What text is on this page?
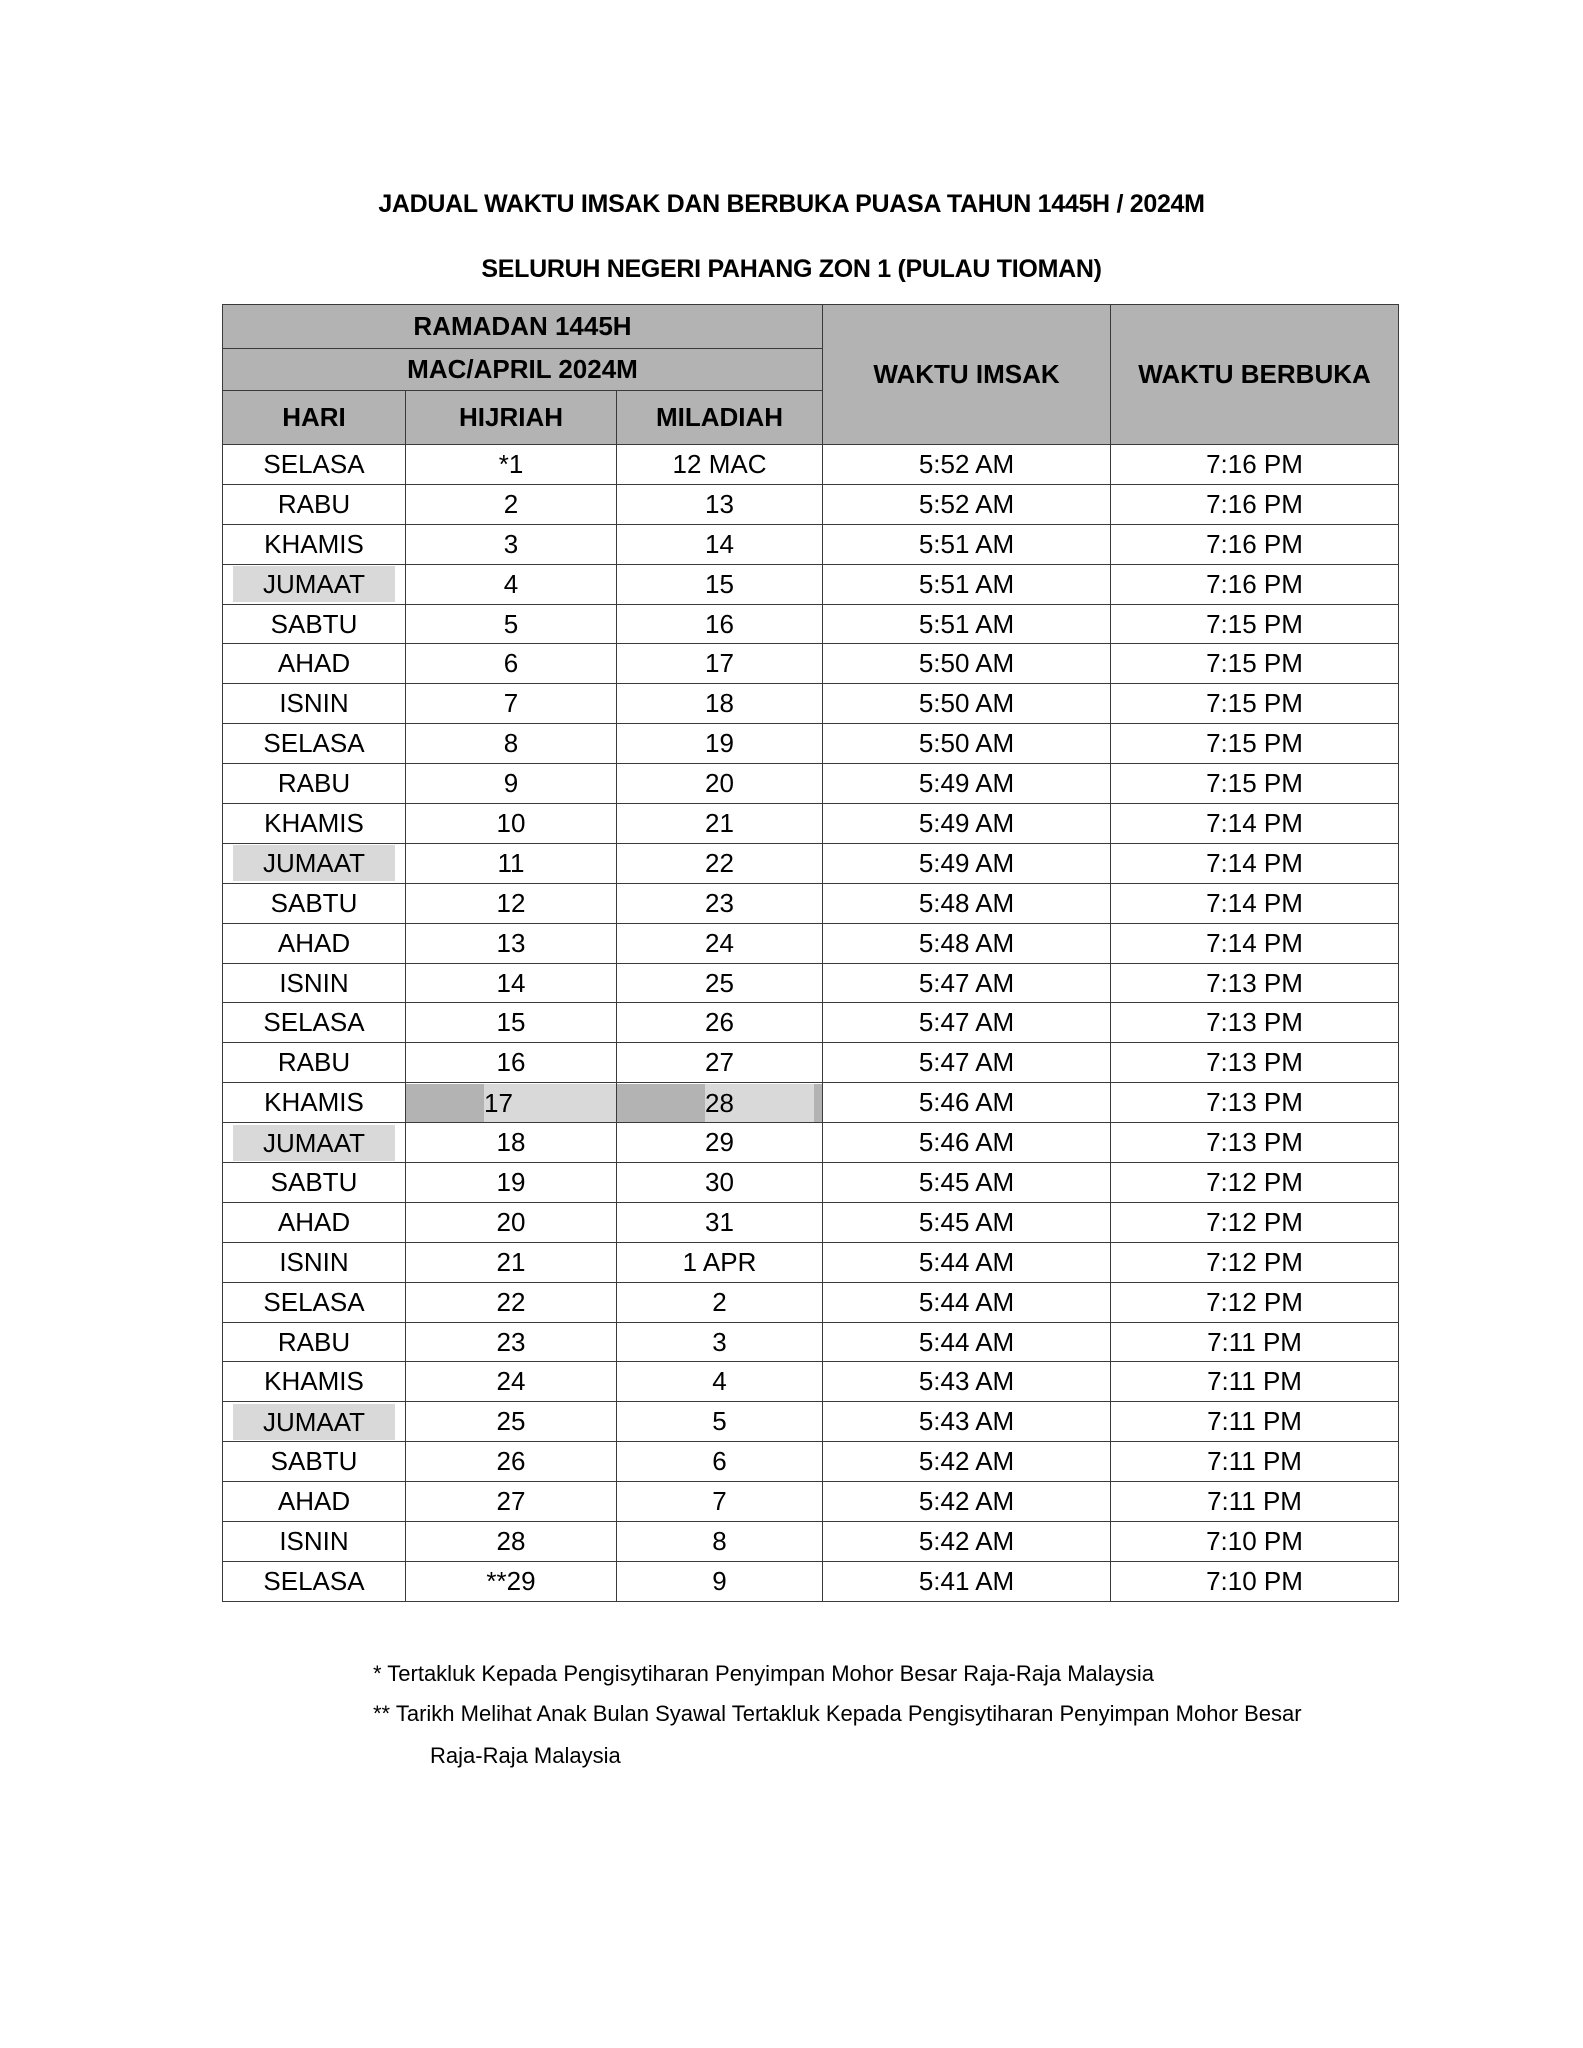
JADUAL WAKTU IMSAK DAN BERBUKA PUASA TAHUN 1445H / 2024M
SELURUH NEGERI PAHANG ZON 1 (PULAU TIOMAN)
RAMADAN 1445H			WAKTU IMSAK	WAKTU BERBUKA
MAC/APRIL 2024M				
HARI	HIJRIAH	MILADIAH		
SELASA	*1	12 MAC	5:52 AM	7:16 PM
RABU	2	13	5:52 AM	7:16 PM
KHAMIS	3	14	5:51 AM	7:16 PM
JUMAAT	4	15	5:51 AM	7:16 PM
SABTU	5	16	5:51 AM	7:15 PM
AHAD	6	17	5:50 AM	7:15 PM
ISNIN	7	18	5:50 AM	7:15 PM
SELASA	8	19	5:50 AM	7:15 PM
RABU	9	20	5:49 AM	7:15 PM
KHAMIS	10	21	5:49 AM	7:14 PM
JUMAAT	11	22	5:49 AM	7:14 PM
SABTU	12	23	5:48 AM	7:14 PM
AHAD	13	24	5:48 AM	7:14 PM
ISNIN	14	25	5:47 AM	7:13 PM
SELASA	15	26	5:47 AM	7:13 PM
RABU	16	27	5:47 AM	7:13 PM
KHAMIS	17	28	5:46 AM	7:13 PM
JUMAAT	18	29	5:46 AM	7:13 PM
SABTU	19	30	5:45 AM	7:12 PM
AHAD	20	31	5:45 AM	7:12 PM
ISNIN	21	1 APR	5:44 AM	7:12 PM
SELASA	22	2	5:44 AM	7:12 PM
RABU	23	3	5:44 AM	7:11 PM
KHAMIS	24	4	5:43 AM	7:11 PM
JUMAAT	25	5	5:43 AM	7:11 PM
SABTU	26	6	5:42 AM	7:11 PM
AHAD	27	7	5:42 AM	7:11 PM
ISNIN	28	8	5:42 AM	7:10 PM
SELASA	**29	9	5:41 AM	7:10 PM
* Tertakluk Kepada Pengisytiharan Penyimpan Mohor Besar Raja-Raja Malaysia
** Tarikh Melihat Anak Bulan Syawal Tertakluk Kepada Pengisytiharan Penyimpan Mohor Besar
Raja-Raja Malaysia
